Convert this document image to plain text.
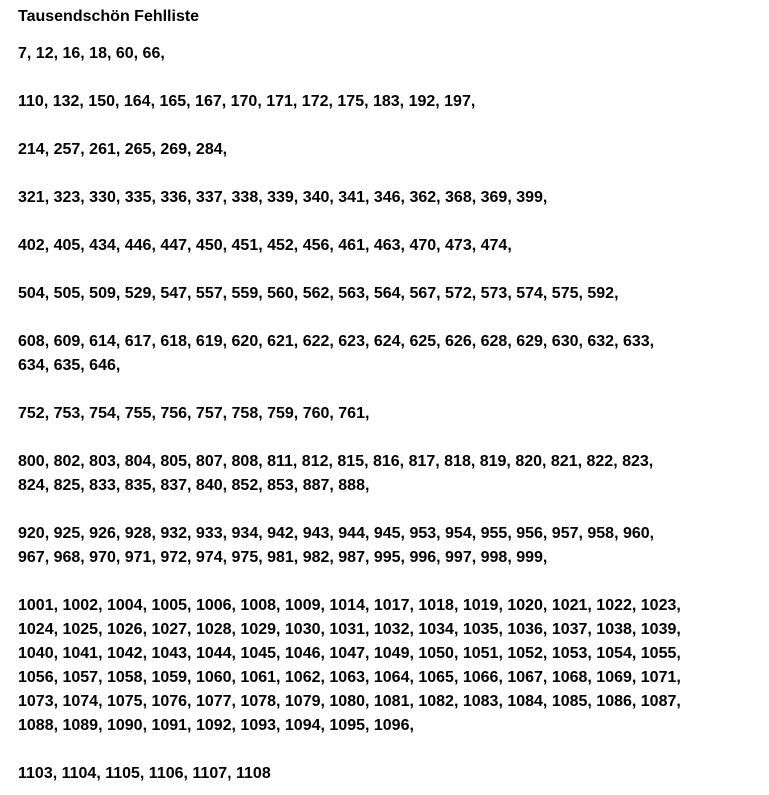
Tausendschön Fehlliste
7, 12, 16, 18, 60, 66,
110, 132, 150, 164, 165, 167, 170, 171, 172, 175, 183, 192, 197,
214, 257, 261, 265, 269, 284,
321, 323, 330, 335, 336, 337, 338, 339, 340, 341, 346, 362, 368, 369, 399,
402, 405, 434, 446, 447, 450, 451, 452, 456, 461, 463, 470, 473, 474,
504, 505, 509, 529, 547, 557, 559, 560, 562, 563, 564, 567, 572, 573, 574, 575, 592,
608, 609, 614, 617, 618, 619, 620, 621, 622, 623, 624, 625, 626, 628, 629, 630, 632, 633,
634, 635, 646,
752, 753, 754, 755, 756, 757, 758, 759, 760, 761,
800, 802, 803, 804, 805, 807, 808, 811, 812, 815, 816, 817, 818, 819, 820, 821, 822, 823,
824, 825, 833, 835, 837, 840, 852, 853, 887, 888,
920, 925, 926, 928, 932, 933, 934, 942, 943, 944, 945, 953, 954, 955, 956, 957, 958, 960,
967, 968, 970, 971, 972, 974, 975, 981, 982, 987, 995, 996, 997, 998, 999,
1001, 1002, 1004, 1005, 1006, 1008, 1009, 1014, 1017, 1018, 1019, 1020, 1021, 1022, 1023,
1024, 1025, 1026, 1027, 1028, 1029, 1030, 1031, 1032, 1034, 1035, 1036, 1037, 1038, 1039,
1040, 1041, 1042, 1043, 1044, 1045, 1046, 1047, 1049, 1050, 1051, 1052, 1053, 1054, 1055,
1056, 1057, 1058, 1059, 1060, 1061, 1062, 1063, 1064, 1065, 1066, 1067, 1068, 1069, 1071,
1073, 1074, 1075, 1076, 1077, 1078, 1079, 1080, 1081, 1082, 1083, 1084, 1085, 1086, 1087,
1088, 1089, 1090, 1091, 1092, 1093, 1094, 1095, 1096,
1103, 1104, 1105, 1106, 1107, 1108
